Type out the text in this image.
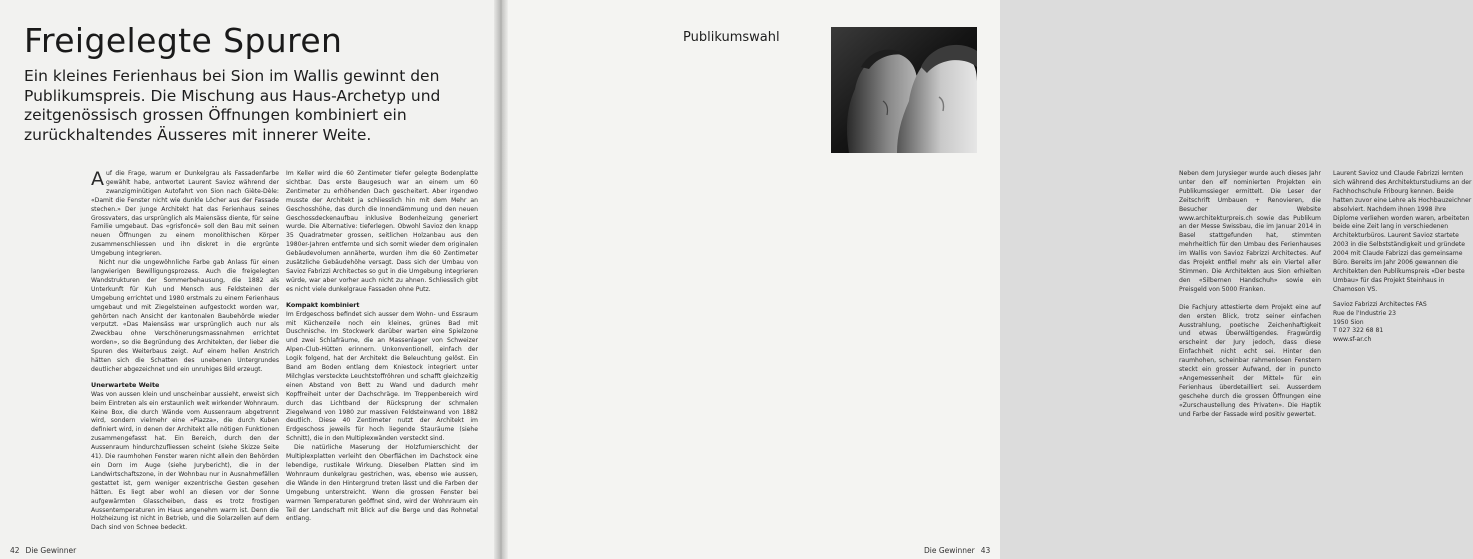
Freigelegte Spuren

Ein kleines Ferienhaus bei Sion im Wallis gewinnt den Publikumspreis. Die Mischung aus Haus-Archetyp und zeitgenössisch grossen Öffnungen kombiniert ein zurückhaltendes Äusseres mit innerer Weite.

Auf die Frage, warum er Dunkelgrau als Fassadenfarbe gewählt habe, antwortet Laurent Savioz während der zwanzigminütigen Autofahrt von Sion nach Giète-Dèle: «Damit die Fenster nicht wie dunkle Löcher aus der Fassade stechen.» Der junge Architekt hat das Ferienhaus seines Grossvaters, das ursprünglich als Maiensäss diente, für seine Familie umgebaut. Das «grisfoncé» soll den Bau mit seinen neuen Öffnungen zu einem monolithischen Körper zusammenschliessen und ihn diskret in die ergrünte Umgebung integrieren.

Nicht nur die ungewöhnliche Farbe gab Anlass für einen langwierigen Bewilligungsprozess. Auch die freigelegten Wandstrukturen der Sommerbehausung, die 1882 als Unterkunft für Kuh und Mensch aus Feldsteinen der Umgebung errichtet und 1980 erstmals zu einem Ferienhaus umgebaut und mit Ziegelsteinen aufgestockt worden war, gehörten nach Ansicht der kantonalen Baubehörde wieder verputzt. «Das Maiensäss war ursprünglich auch nur als Zweckbau ohne Verschönerungsmassnahmen errichtet worden», so die Begründung des Architekten, der lieber die Spuren des Weiterbaus zeigt. Auf einem hellen Anstrich hätten sich die Schatten des unebenen Untergrundes deutlicher abgezeichnet und ein unruhiges Bild erzeugt.

Unerwartete Weite

Was von aussen klein und unscheinbar aussieht, erweist sich beim Eintreten als ein erstaunlich weit wirkender Wohnraum. Keine Box, die durch Wände vom Aussenraum abgetrennt wird, sondern vielmehr eine «Piazza», die durch Kuben definiert wird, in denen der Architekt alle nötigen Funktionen zusammengefasst hat. Ein Bereich, durch den der Aussenraum hindurchzufliessen scheint (siehe Skizze Seite 41). Die raumhohen Fenster waren nicht allein den Behörden ein Dorn im Auge (siehe Jurybericht), die in der Landwirtschaftszone, in der Wohnbau nur in Ausnahmefällen gestattet ist, gern weniger exzentrische Gesten gesehen hätten. Es liegt aber wohl an diesen vor der Sonne aufgewärmten Glasscheiben, dass es trotz frostigen Aussentemperaturen im Haus angenehm warm ist. Denn die Holzheizung ist nicht in Betrieb, und die Solarzellen auf dem Dach sind von Schnee bedeckt.

Im Keller wird die 60 Zentimeter tiefer gelegte Bodenplatte sichtbar. Das erste Baugesuch war an einem um 60 Zentimeter zu erhöhenden Dach gescheitert. Aber irgendwo musste der Architekt ja schliesslich hin mit dem Mehr an Geschosshöhe, das durch die Innendämmung und den neuen Geschossdeckenaufbau inklusive Bodenheizung generiert wurde. Die Alternative: tieferlegen. Obwohl Savioz den knapp 35 Quadratmeter grossen, seitlichen Holzanbau aus den 1980er-Jahren entfernte und sich somit wieder dem originalen Gebäudevolumen annäherte, wurden ihm die 60 Zentimeter zusätzliche Gebäudehöhe versagt. Dass sich der Umbau von Savioz Fabrizzi Architectes so gut in die Umgebung integrieren würde, war aber vorher auch nicht zu ahnen. Schliesslich gibt es nicht viele dunkelgraue Fassaden ohne Putz.

Kompakt kombiniert

Im Erdgeschoss befindet sich ausser dem Wohn- und Essraum mit Küchenzeile noch ein kleines, grünes Bad mit Duschnische. Im Stockwerk darüber warten eine Spielzone und zwei Schlafräume, die an Massenlager von Schweizer Alpen-Club-Hütten erinnern. Unkonventionell, einfach der Logik folgend, hat der Architekt die Beleuchtung gelöst. Ein Band am Boden entlang dem Kniestock integriert unter Milchglas versteckte Leuchtstoffröhren und schafft gleichzeitig einen Abstand von Bett zu Wand und dadurch mehr Kopffreiheit unter der Dachschräge. Im Treppenbereich wird durch das Lichtband der Rücksprung der schmalen Ziegelwand von 1980 zur massiven Feldsteinwand von 1882 deutlich. Diese 40 Zentimeter nutzt der Architekt im Erdgeschoss jeweils für hoch liegende Stauräume (siehe Schnitt), die in den Multiplexwänden versteckt sind.

Die natürliche Maserung der Holzfurnierschicht der Multiplexplatten verleiht den Oberflächen im Dachstock eine lebendige, rustikale Wirkung. Dieselben Platten sind im Wohnraum dunkelgrau gestrichen, was, ebenso wie aussen, die Wände in den Hintergrund treten lässt und die Farben der Umgebung unterstreicht. Wenn die grossen Fenster bei warmen Temperaturen geöffnet sind, wird der Wohnraum ein Teil der Landschaft mit Blick auf die Berge und das Rohnetal entlang.

42 Die Gewinner
Publikumswahl

Neben dem Jurysieger wurde auch dieses Jahr unter den elf nominierten Projekten ein Publikumssieger ermittelt. Die Leser der Zeitschrift Umbauen + Renovieren, die Besucher der Website www.architekturpreis.ch sowie das Publikum an der Messe Swissbau, die im Januar 2014 in Basel stattgefunden hat, stimmten mehrheitlich für den Umbau des Ferienhauses im Wallis von Savioz Fabrizzi Architectes. Auf das Projekt entfiel mehr als ein Viertel aller Stimmen. Die Architekten aus Sion erhielten den «Silbernen Handschuh» sowie ein Preisgeld von 5000 Franken.

Die Fachjury attestierte dem Projekt eine auf den ersten Blick, trotz seiner einfachen Ausstrahlung, poetische Zeichenhaftigkeit und etwas Überwältigendes. Fragwürdig erscheint der Jury jedoch, dass diese Einfachheit nicht echt sei. Hinter den raumhohen, scheinbar rahmenlosen Fenstern steckt ein grosser Aufwand, der in puncto «Angemessenheit der Mittel» für ein Ferienhaus überdetailliert sei. Ausserdem geschehe durch die grossen Öffnungen eine «Zurschaustellung des Privaten». Die Haptik und Farbe der Fassade wird positiv gewertet.

Laurent Savioz und Claude Fabrizzi lernten sich während des Architekturstudiums an der Fachhochschule Fribourg kennen. Beide hatten zuvor eine Lehre als Hochbauzeichner absolviert. Nachdem ihnen 1998 ihre Diplome verliehen worden waren, arbeiteten beide eine Zeit lang in verschiedenen Architekturbüros. Laurent Savioz startete 2003 in die Selbstständigkeit und gründete 2004 mit Claude Fabrizzi das gemeinsame Büro. Bereits im Jahr 2006 gewannen die Architekten den Publikumspreis «Der beste Umbau» für das Projekt Steinhaus in Chamoson VS.

Savioz Fabrizzi Architectes FAS
Rue de l'Industrie 23
1950 Sion
T 027 322 68 81
www.sf-ar.ch
Die Gewinner 43
